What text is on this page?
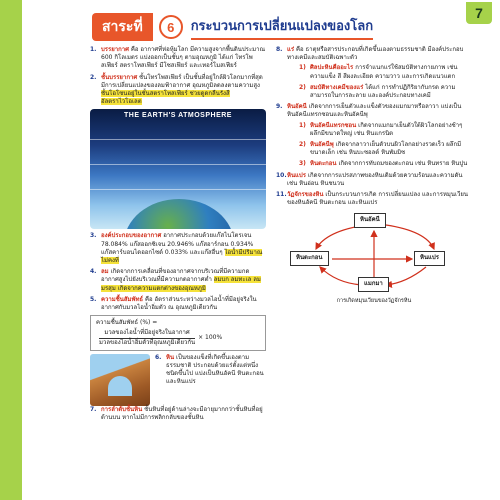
7
สาระที่	6	กระบวนการเปลี่ยนแปลงของโลก
1. บรรยากาศ คือ อากาศที่ห่อหุ้มโลก มีความสูงจากพื้นดินประมาณ 600 กิโลเมตร แบ่งออกเป็นชั้นๆ ตามอุณหภูมิ ได้แก่ โทรโพสเฟียร์ สตราโทสเฟียร์ มีโซสเฟียร์ และเทอร์โมสเฟียร์
2. ชั้นบรรยากาศ ชั้นโทรโพสเฟียร์ เป็นชั้นที่อยู่ใกล้ผิวโลกมากที่สุด มีการเปลี่ยนแปลงของลมฟ้าอากาศ อุณหภูมิลดลงตามความสูง ชั้นโอโซนอยู่ในชั้นสตราโทสเฟียร์ ช่วยดูดกลืนรังสีอัลตราไวโอเลต
THE EARTH'S ATMOSPHERE
3. องค์ประกอบของอากาศ อากาศประกอบด้วยแก๊สไนโตรเจน 78.084% แก๊สออกซิเจน 20.946% แก๊สอาร์กอน 0.934% แก๊สคาร์บอนไดออกไซด์ 0.033% และแก๊สอื่นๆ ไอน้ำมีปริมาณไม่คงที่
4. ลม เกิดจากการเคลื่อนที่ของอากาศจากบริเวณที่มีความกดอากาศสูงไปยังบริเวณที่มีความกดอากาศต่ำ ลมบก ลมทะเล ลมมรสุม เกิดจากความแตกต่างของอุณหภูมิ
5. ความชื้นสัมพัทธ์ คือ อัตราส่วนระหว่างมวลไอน้ำที่มีอยู่จริงในอากาศกับมวลไอน้ำอิ่มตัว ณ อุณหภูมิเดียวกัน
ความชื้นสัมพัทธ์ (%) =
$\frac{\text{มวลของไอน้ำที่มีอยู่จริงในอากาศ}}{\text{มวลของไอน้ำอิ่มตัวที่อุณหภูมิเดียวกัน}} \times 100\%$
6. หิน เป็นของแข็งที่เกิดขึ้นเองตามธรรมชาติ ประกอบด้วยแร่ตั้งแต่หนึ่งชนิดขึ้นไป แบ่งเป็นหินอัคนี หินตะกอน และหินแปร
7. การลำดับชั้นหิน ชั้นหินที่อยู่ด้านล่างจะมีอายุมากกว่าชั้นหินที่อยู่ด้านบน หากไม่มีการพลิกกลับของชั้นหิน
8. แร่ คือ ธาตุหรือสารประกอบที่เกิดขึ้นเองตามธรรมชาติ มีองค์ประกอบทางเคมีและสมบัติเฉพาะตัว
1) ศิลปะหินคืออะไร การจำแนกแร่ใช้สมบัติทางกายภาพ เช่น ความแข็ง สี สีผงละเอียด ความวาว และการเกิดแนวแตก
2) สมบัติทางเคมีของแร่ ได้แก่ การทำปฏิกิริยากับกรด ความสามารถในการละลาย และองค์ประกอบทางเคมี
9. หินอัคนี เกิดจากการเย็นตัวและแข็งตัวของแมกมาหรือลาวา แบ่งเป็นหินอัคนีแทรกซอนและหินอัคนีพุ
1) หินอัคนีแทรกซอน เกิดจากแมกมาเย็นตัวใต้ผิวโลกอย่างช้าๆ ผลึกมีขนาดใหญ่ เช่น หินแกรนิต
2) หินอัคนีพุ เกิดจากลาวาเย็นตัวบนผิวโลกอย่างรวดเร็ว ผลึกมีขนาดเล็ก เช่น หินบะซอลต์ หินพัมมิซ
3) หินตะกอน เกิดจากการทับถมของตะกอน เช่น หินทราย หินปูน
10. หินแปร เกิดจากการแปรสภาพของหินเดิมด้วยความร้อนและความดัน เช่น หินอ่อน หินชนวน
11. วัฏจักรของหิน เป็นกระบวนการเกิด การเปลี่ยนแปลง และการหมุนเวียนของหินอัคนี หินตะกอน และหินแปร
หินอัคนี
หินตะกอน	หินแปร
แมกมา
การเกิดหมุนเวียนของวัฏจักรหิน
